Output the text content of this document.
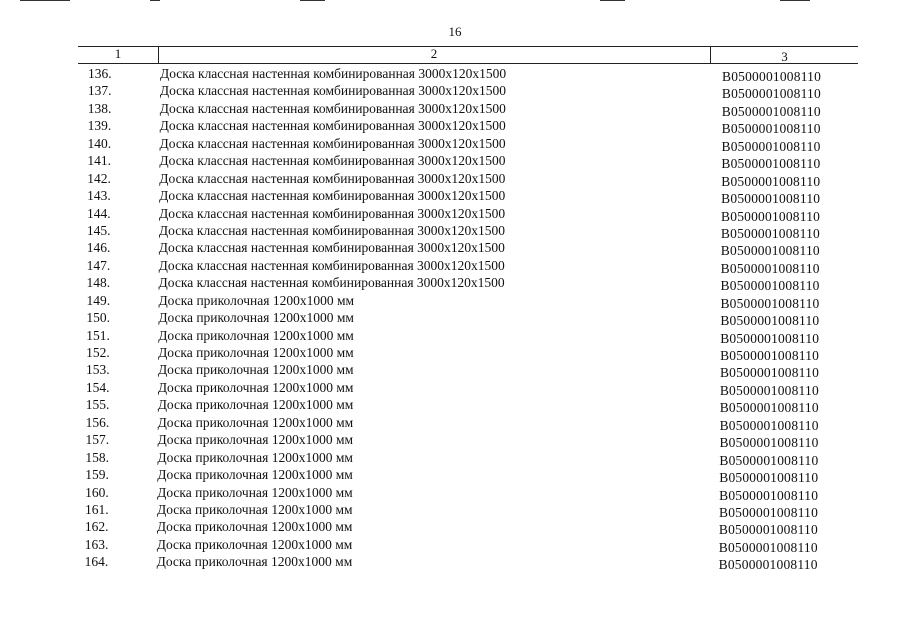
16
1	2	3
136.	Доска классная настенная комбинированная 3000x120x1500	B0500001008110
137.	Доска классная настенная комбинированная 3000x120x1500	B0500001008110
138.	Доска классная настенная комбинированная 3000x120x1500	B0500001008110
139.	Доска классная настенная комбинированная 3000x120x1500	B0500001008110
140.	Доска классная настенная комбинированная 3000x120x1500	B0500001008110
141.	Доска классная настенная комбинированная 3000x120x1500	B0500001008110
142.	Доска классная настенная комбинированная 3000x120x1500	B0500001008110
143.	Доска классная настенная комбинированная 3000x120x1500	B0500001008110
144.	Доска классная настенная комбинированная 3000x120x1500	B0500001008110
145.	Доска классная настенная комбинированная 3000x120x1500	B0500001008110
146.	Доска классная настенная комбинированная 3000x120x1500	B0500001008110
147.	Доска классная настенная комбинированная 3000x120x1500	B0500001008110
148.	Доска классная настенная комбинированная 3000x120x1500	B0500001008110
149.	Доска приколочная 1200x1000 мм	B0500001008110
150.	Доска приколочная 1200x1000 мм	B0500001008110
151.	Доска приколочная 1200x1000 мм	B0500001008110
152.	Доска приколочная 1200x1000 мм	B0500001008110
153.	Доска приколочная 1200x1000 мм	B0500001008110
154.	Доска приколочная 1200x1000 мм	B0500001008110
155.	Доска приколочная 1200x1000 мм	B0500001008110
156.	Доска приколочная 1200x1000 мм	B0500001008110
157.	Доска приколочная 1200x1000 мм	B0500001008110
158.	Доска приколочная 1200x1000 мм	B0500001008110
159.	Доска приколочная 1200x1000 мм	B0500001008110
160.	Доска приколочная 1200x1000 мм	B0500001008110
161.	Доска приколочная 1200x1000 мм	B0500001008110
162.	Доска приколочная 1200x1000 мм	B0500001008110
163.	Доска приколочная 1200x1000 мм	B0500001008110
164.	Доска приколочная 1200x1000 мм	B0500001008110
